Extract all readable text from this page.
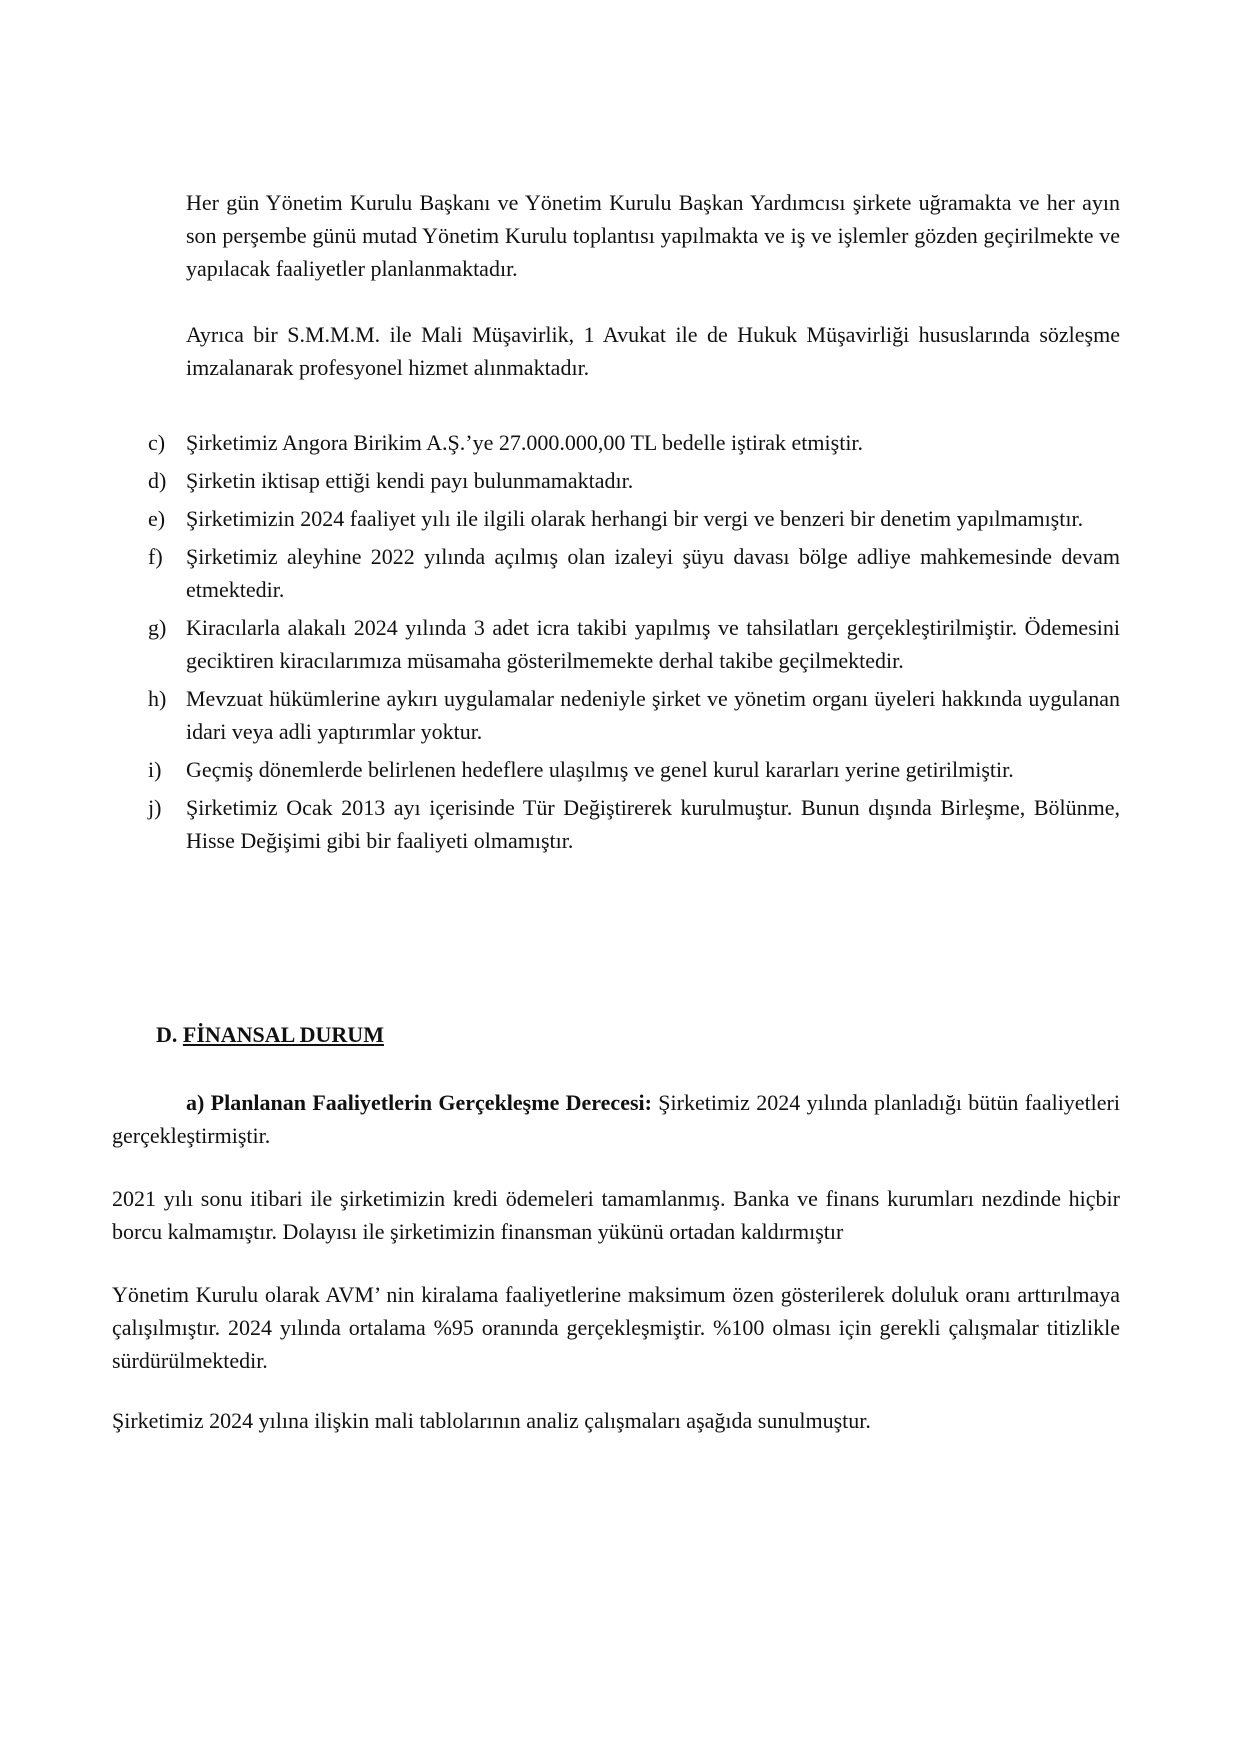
Her gün Yönetim Kurulu Başkanı ve Yönetim Kurulu Başkan Yardımcısı şirkete uğramakta ve her ayın son perşembe günü mutad Yönetim Kurulu toplantısı yapılmakta ve iş ve işlemler gözden geçirilmekte ve yapılacak faaliyetler planlanmaktadır.

Ayrıca bir S.M.M.M. ile Mali Müşavirlik, 1 Avukat ile de Hukuk Müşavirliği hususlarında sözleşme imzalanarak profesyonel hizmet alınmaktadır.

c) Şirketimiz Angora Birikim A.Ş.’ye 27.000.000,00 TL bedelle iştirak etmiştir.
d) Şirketin iktisap ettiği kendi payı bulunmamaktadır.
e) Şirketimizin 2024 faaliyet yılı ile ilgili olarak herhangi bir vergi ve benzeri bir denetim yapılmamıştır.
f)	Şirketimiz aleyhine 2022 yılında açılmış olan izaleyi şüyu davası bölge adliye mahkemesinde devam etmektedir.
g) Kiracılarla alakalı 2024 yılında 3 adet icra takibi yapılmış ve tahsilatları gerçekleştirilmiştir. Ödemesini geciktiren kiracılarımıza müsamaha gösterilmemekte derhal takibe geçilmektedir.
h) Mevzuat hükümlerine aykırı uygulamalar nedeniyle şirket ve yönetim organı üyeleri hakkında uygulanan idari veya adli yaptırımlar yoktur.
i)	Geçmiş dönemlerde belirlenen hedeflere ulaşılmış ve genel kurul kararları yerine getirilmiştir.
j)	Şirketimiz Ocak 2013 ayı içerisinde Tür Değiştirerek kurulmuştur. Bunun dışında Birleşme, Bölünme, Hisse Değişimi gibi bir faaliyeti olmamıştır.

D. FİNANSAL DURUM

a) Planlanan Faaliyetlerin Gerçekleşme Derecesi: Şirketimiz 2024 yılında planladığı bütün faaliyetleri gerçekleştirmiştir.

2021 yılı sonu itibari ile şirketimizin kredi ödemeleri tamamlanmış. Banka ve finans kurumları nezdinde hiçbir borcu kalmamıştır. Dolayısı ile şirketimizin finansman yükünü ortadan kaldırmıştır

Yönetim Kurulu olarak AVM’ nin kiralama faaliyetlerine maksimum özen gösterilerek doluluk oranı arttırılmaya çalışılmıştır. 2024 yılında ortalama %95 oranında gerçekleşmiştir. %100 olması için gerekli çalışmalar titizlikle sürdürülmektedir.

Şirketimiz 2024 yılına ilişkin mali tablolarının analiz çalışmaları aşağıda sunulmuştur.
